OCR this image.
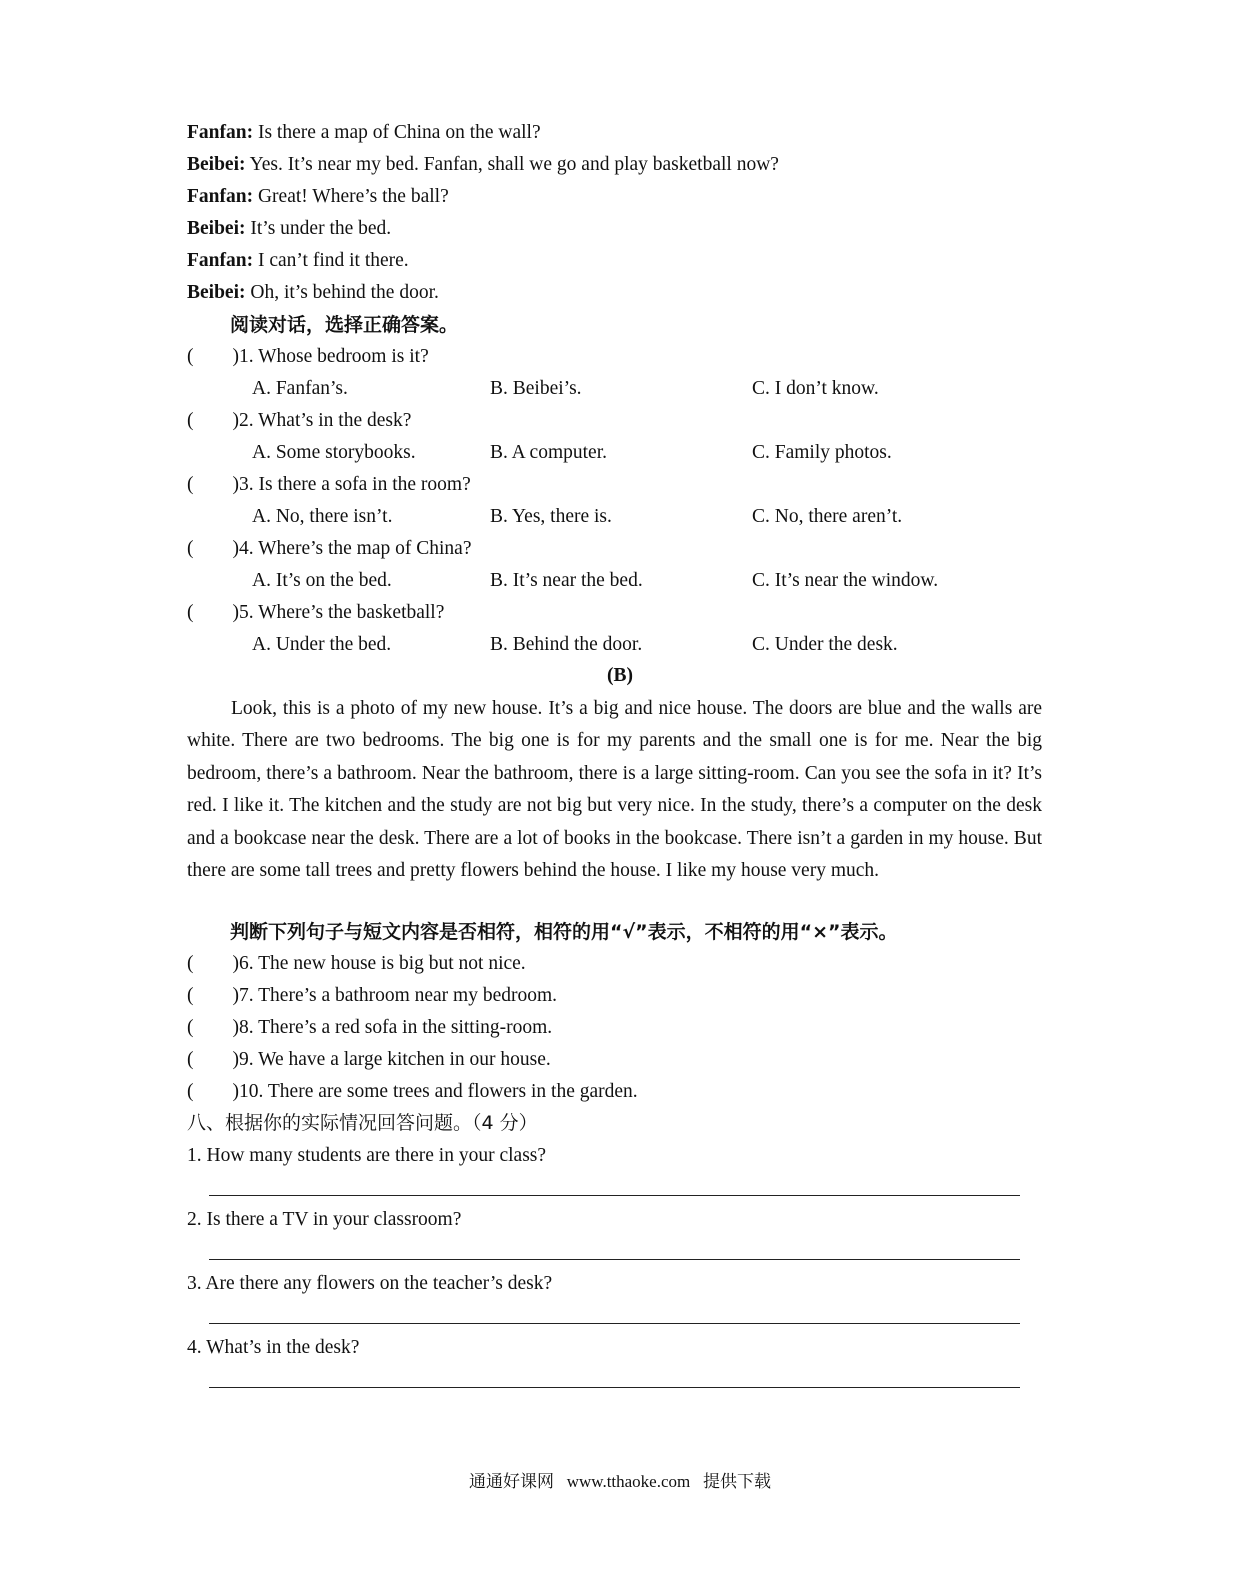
Fanfan: Is there a map of China on the wall?
Beibei: Yes. It’s near my bed. Fanfan, shall we go and play basketball now?
Fanfan: Great! Where’s the ball?
Beibei: It’s under the bed.
Fanfan: I can’t find it there.
Beibei: Oh, it’s behind the door.
阅读对话，选择正确答案。
(　　)1. Whose bedroom is it?
A. Fanfan’s.	B. Beibei’s.	C. I don’t know.
(　　)2. What’s in the desk?
A. Some storybooks.	B. A computer.	C. Family photos.
(　　)3. Is there a sofa in the room?
A. No, there isn’t.	B. Yes, there is.	C. No, there aren’t.
(　　)4. Where’s the map of China?
A. It’s on the bed.	B. It’s near the bed.	C. It’s near the window.
(　　)5. Where’s the basketball?
A. Under the bed.	B. Behind the door.	C. Under the desk.
(B)
Look, this is a photo of my new house. It’s a big and nice house. The doors are blue and the walls are white. There are two bedrooms. The big one is for my parents and the small one is for me. Near the big bedroom, there’s a bathroom. Near the bathroom, there is a large sitting-room. Can you see the sofa in it? It’s red. I like it. The kitchen and the study are not big but very nice. In the study, there’s a computer on the desk and a bookcase near the desk. There are a lot of books in the bookcase. There isn’t a garden in my house. But there are some tall trees and pretty flowers behind the house. I like my house very much.
判断下列句子与短文内容是否相符，相符的用“√”表示，不相符的用“×”表示。
(　　)6. The new house is big but not nice.
(　　)7. There’s a bathroom near my bedroom.
(　　)8. There’s a red sofa in the sitting-room.
(　　)9. We have a large kitchen in our house.
(　　)10. There are some trees and flowers in the garden.
八、根据你的实际情况回答问题。（4 分）
1. How many students are there in your class?
2. Is there a TV in your classroom?
3. Are there any flowers on the teacher’s desk?
4. What’s in the desk?
通通好课网 www.tthaoke.com 提供下载
